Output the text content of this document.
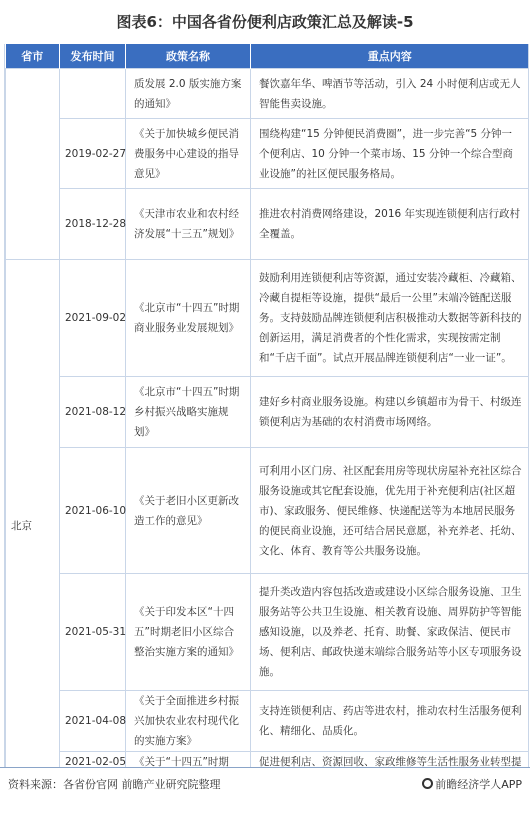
图表6：中国各省份便利店政策汇总及解读-5
省市	发布时间	政策名称	重点内容
		质发展 2.0 版实施方案的通知》	餐饮嘉年华、啤酒节等活动，引入 24 小时便利店或无人智能售卖设施。
	2019-02-27	《关于加快城乡便民消费服务中心建设的指导意见》	围绕构建“15 分钟便民消费圈”，进一步完善“5 分钟一个便利店、10 分钟一个菜市场、15 分钟一个综合型商业设施”的社区便民服务格局。
	2018-12-28	《天津市农业和农村经济发展“十三五”规划》	推进农村消费网络建设，2016 年实现连锁便利店行政村全覆盖。
北京	2021-09-02	《北京市“十四五”时期商业服务业发展规划》	鼓励利用连锁便利店等资源，通过安装冷藏柜、冷藏箱、冷藏自提柜等设施，提供“最后一公里”末端冷链配送服务。支持鼓励品牌连锁便利店积极推动大数据等新科技的创新运用，满足消费者的个性化需求，实现按需定制和“千店千面”。试点开展品牌连锁便利店“一业一证”。
	2021-08-12	《北京市“十四五”时期乡村振兴战略实施规划》	建好乡村商业服务设施。构建以乡镇超市为骨干、村级连锁便利店为基础的农村消费市场网络。
	2021-06-10	《关于老旧小区更新改造工作的意见》	可利用小区门房、社区配套用房等现状房屋补充社区综合服务设施或其它配套设施，优先用于补充便利店(社区超市)、家政服务、便民维修、快递配送等为本地居民服务的便民商业设施，还可结合居民意愿，补充养老、托幼、文化、体育、教育等公共服务设施。
	2021-05-31	《关于印发本区“十四五”时期老旧小区综合整治实施方案的通知》	提升类改造内容包括改造或建设小区综合服务设施、卫生服务站等公共卫生设施、相关教育设施、周界防护等智能感知设施，以及养老、托育、助餐、家政保洁、便民市场、便利店、邮政快递末端综合服务站等小区专项服务设施。
	2021-04-08	《关于全面推进乡村振兴加快农业农村现代化的实施方案》	支持连锁便利店、药店等进农村，推动农村生活服务便利化、精细化、品质化。
	2021-02-05	《关于“十四五”时期	促进便利店、资源回收、家政维修等生活性服务业转型提
资料来源：各省份官网 前瞻产业研究院整理	前瞻经济学人APP
